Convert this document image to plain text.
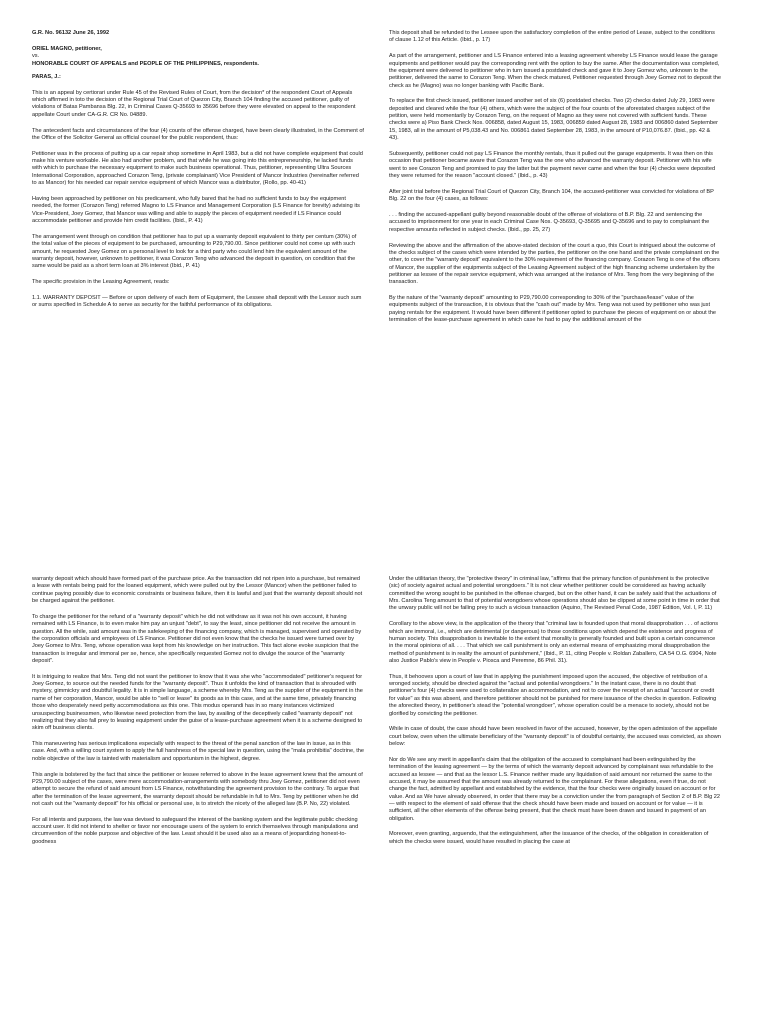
G.R. No. 96132 June 26, 1992

ORIEL MAGNO, petitioner,
vs.
HONORABLE COURT OF APPEALS and PEOPLE OF THE PHILIPPINES, respondents.

PARAS, J.:

This is an appeal by certiorari under Rule 45 of the Revised Rules of Court, from the decision* of the respondent Court of Appeals which affirmed in toto the decision of the Regional Trial Court of Quezon City, Branch 104 finding the accused petitioner, guilty of violations of Batas Pambansa Blg. 22, in Criminal Cases Q-35693 to 35696 before they were elevated on appeal to the respondent appellate Court under CA-G.R. CR No. 04889.

The antecedent facts and circumstances of the four (4) counts of the offense charged, have been clearly illustrated, in the Comment of the Office of the Solicitor General as official counsel for the public respondent, thus:

Petitioner was in the process of putting up a car repair shop sometime in April 1983, but a did not have complete equipment that could make his venture workable. He also had another problem, and that while he was going into this entrepreneurship, he lacked funds with which to purchase the necessary equipment to make such business operational. Thus, petitioner, representing Ultra Sources International Corporation, approached Corazon Teng, (private complainant) Vice President of Mancor Industries (hereinafter referred to as Mancor) for his needed car repair service equipment of which Mancor was a distributor, (Rollo, pp. 40-41)

Having been approached by petitioner on his predicament, who fully bared that he had no sufficient funds to buy the equipment needed, the former (Corazon Teng) referred Magno to LS Finance and Management Corporation (LS Finance for brevity) advising its Vice-President, Joey Gomez, that Mancor was willing and able to supply the pieces of equipment needed if LS Finance could accommodate petitioner and provide him credit facilities. (Ibid., P. 41)

The arrangement went through on condition that petitioner has to put up a warranty deposit equivalent to thirty per centum (30%) of the total value of the pieces of equipment to be purchased, amounting to P29,790.00. Since petitioner could not come up with such amount, he requested Joey Gomez on a personal level to look for a third party who could lend him the equivalent amount of the warranty deposit, however, unknown to petitioner, it was Corazon Teng who advanced the deposit in question, on condition that the same would be paid as a short term loan at 3% interest (Ibid., P. 41)

The specific provision in the Leasing Agreement, reads:

1.1. WARRANTY DEPOSIT — Before or upon delivery of each item of Equipment, the Lessee shall deposit with the Lessor such sum or sums specified in Schedule A to serve as security for the faithful performance of its obligations.

This deposit shall be refunded to the Lessee upon the satisfactory completion of the entire period of Lease, subject to the conditions of clause 1.12 of this Article. (Ibid., p. 17)

As part of the arrangement, petitioner and LS Finance entered into a leasing agreement whereby LS Finance would lease the garage equipments and petitioner would pay the corresponding rent with the option to buy the same. After the documentation was completed, the equipment were delivered to petitioner who in turn issued a postdated check and gave it to Joey Gomez who, unknown to the petitioner, delivered the same to Corazon Teng. When the check matured, Petitioner requested through Joey Gomez not to deposit the check as he (Magno) was no longer banking with Pacific Bank.

To replace the first check issued, petitioner issued another set of six (6) postdated checks. Two (2) checks dated July 29, 1983 were deposited and cleared while the four (4) others, which were the subject of the four counts of the aforestated charges subject of the petition, were held momentarily by Corazon Teng, on the request of Magno as they were not covered with sufficient funds. These checks were a) Piso Bank Check Nos. 006858, dated August 15, 1983, 006859 dated August 28, 1983 and 006860 dated September 15, 1983, all in the amount of P5,038.43 and No. 006861 dated September 28, 1983, in the amount of P10,076.87. (Ibid., pp. 42 & 43).

Subsequently, petitioner could not pay LS Finance the monthly rentals, thus it pulled out the garage equipments. It was then on this occasion that petitioner became aware that Corazon Teng was the one who advanced the warranty deposit. Petitioner with his wife went to see Corazon Teng and promised to pay the latter but the payment never came and when the four (4) checks were deposited they were returned for the reason "account closed." (Ibid., p. 43)

After joint trial before the Regional Trial Court of Quezon City, Branch 104, the accused-petitioner was convicted for violations of BP Blg. 22 on the four (4) cases, as follows:

. . . finding the accused-appellant guilty beyond reasonable doubt of the offense of violations of B.P. Blg. 22 and sentencing the accused to imprisonment for one year in each Criminal Case Nos. Q-35693, Q-35695 and Q-35696 and to pay to complainant the respective amounts reflected in subject checks. (Ibid., pp. 25, 27)

Reviewing the above and the affirmation of the above-stated decision of the court a quo, this Court is intrigued about the outcome of the checks subject of the cases which were intended by the parties, the petitioner on the one hand and the private complainant on the other, to cover the "warranty deposit" equivalent to the 30% requirement of the financing company. Corazon Teng is one of the officers of Mancor, the supplier of the equipments subject of the Leasing Agreement subject of the high financing scheme undertaken by the petitioner as lessee of the repair service equipment, which was arranged at the instance of Mrs. Teng from the very beginning of the transaction.

By the nature of the "warranty deposit" amounting to P29,790.00 corresponding to 30% of the "purchase/lease" value of the equipments subject of the transaction, it is obvious that the "cash out" made by Mrs. Teng was not used by petitioner who was just paying rentals for the equipment. It would have been different if petitioner opted to purchase the pieces of equipment on or about the termination of the lease-purchase agreement in which case he had to pay the additional amount of the

warranty deposit which should have formed part of the purchase price. As the transaction did not ripen into a purchase, but remained a lease with rentals being paid for the loaned equipment, which were pulled out by the Lessor (Mancor) when the petitioner failed to continue paying possibly due to economic constraints or business failure, then it is lawful and just that the warranty deposit should not be charged against the petitioner.

To charge the petitioner for the refund of a "warranty deposit" which he did not withdraw as it was not his own account, it having remained with LS Finance, is to even make him pay an unjust "debt", to say the least, since petitioner did not receive the amount in question. All the while, said amount was in the safekeeping of the financing company, which is managed, supervised and operated by the corporation officials and employees of LS Finance. Petitioner did not even know that the checks he issued were turned over by Joey Gomez to Mrs. Teng, whose operation was kept from his knowledge on her instruction. This fact alone evoke suspicion that the transaction is irregular and immoral per se, hence, she specifically requested Gomez not to divulge the source of the "warranty deposit".

It is intriguing to realize that Mrs. Teng did not want the petitioner to know that it was she who "accommodated" petitioner's request for Joey Gomez, to source out the needed funds for the "warranty deposit". Thus it unfolds the kind of transaction that is shrouded with mystery, gimmickry and doubtful legality. It is in simple language, a scheme whereby Mrs. Teng as the supplier of the equipment in the name of her corporation, Mancor, would be able to "sell or lease" its goods as in this case, and at the same time, privately financing those who desperately need petty accommodations as this one. This modus operandi has in so many instances victimized unsuspecting businessmen, who likewise need protection from the law, by availing of the deceptively called "warranty deposit" not realizing that they also fall prey to leasing equipment under the guise of a lease-purchase agreement when it is a scheme designed to skim off business clients.

This maneuvering has serious implications especially with respect to the threat of the penal sanction of the law in issue, as in this case. And, with a willing court system to apply the full harshness of the special law in question, using the "mala prohibitia" doctrine, the noble objective of the law is tainted with materialism and opportunism in the highest, degree.

This angle is bolstered by the fact that since the petitioner or lessee referred to above in the lease agreement knew that the amount of P29,790.00 subject of the cases, were mere accommodation-arrangements with somebody thru Joey Gomez, petitioner did not even attempt to secure the refund of said amount from LS Finance, notwithstanding the agreement provision to the contrary. To argue that after the termination of the lease agreement, the warranty deposit should be refundable in full to Mrs. Teng by petitioner when he did not cash out the "warranty deposit" for his official or personal use, is to stretch the nicety of the alleged law (B.P. No, 22) violated.

For all intents and purposes, the law was devised to safeguard the interest of the banking system and the legitimate public checking account user. It did not intend to shelter or favor nor encourage users of the system to enrich themselves through manipulations and circumvention of the noble purpose and objective of the law. Least should it be used also as a means of jeopardizing honest-to-goodness

Under the utilitarian theory, the "protective theory" in criminal law, "affirms that the primary function of punishment is the protective (sic) of society against actual and potential wrongdoers." It is not clear whether petitioner could be considered as having actually committed the wrong sought to be punished in the offense charged, but on the other hand, it can be safely said that the actuations of Mrs. Carolina Teng amount to that of potential wrongdoers whose operations should also be clipped at some point in time in order that the unwary public will not be failing prey to such a vicious transaction (Aquino, The Revised Penal Code, 1987 Edition, Vol. I, P. 11)

Corollary to the above view, is the application of the theory that "criminal law is founded upon that moral disapprobation . . . of actions which are immoral, i.e., which are detrimental (or dangerous) to those conditions upon which depend the existence and progress of human society. This disapprobation is inevitable to the extent that morality is generally founded and built upon a certain concurrence in the moral opinions of all. . . . That which we call punishment is only an external means of emphasizing moral disapprobation the method of punishment is in reality the amount of punishment," (Ibid., P. 11, citing People v. Roldan Zaballero, CA 54 O.G. 6904, Note also Justice Pablo's view in People v. Piosca and Peremne, 86 Phil. 31).

Thus, it behooves upon a court of law that in applying the punishment imposed upon the accused, the objective of retribution of a wronged society, should be directed against the "actual and potential wrongdoers." In the instant case, there is no doubt that petitioner's four (4) checks were used to collateralize an accommodation, and not to cover the receipt of an actual "account or credit for value" as this was absent, and therefore petitioner should not be punished for mere issuance of the checks in question. Following the aforecited theory, in petitioner's stead the "potential wrongdoer", whose operation could be a menace to society, should not be glorified by convicting the petitioner.

While in case of doubt, the case should have been resolved in favor of the accused, however, by the open admission of the appellate court below, oven when the ultimate beneficiary of the "warranty deposit" is of doubtful certainty, the accused was convicted, as shown below:

Nor do We see any merit in appellant's claim that the obligation of the accused to complainant had been extinguished by the termination of the leasing agreement — by the terms of which the warranty deposit advanced by complainant was refundable to the accused as lessee — and that as the lessor L.S. Finance neither made any liquidation of said amount nor returned the same to the accused, it may be assumed that the amount was already returned to the complainant. For these allegations, even if true, do not change the fact, admitted by appellant and established by the evidence, that the four checks were originally issued on account or for value. And as We have already observed, in order that there may be a conviction under the from paragraph of Section 2 of B.P. Blg 22 — with respect to the element of said offense that the check should have been made and issued on account or for value — it is sufficient, all the other elements of the offense being present, that the check must have been drawn and issued in payment of an obligation.

Moreover, even granting, arguendo, that the extinguishment, after the issuance of the checks, of the obligation in consideration of which the checks were issued, would have resulted in placing the case at
